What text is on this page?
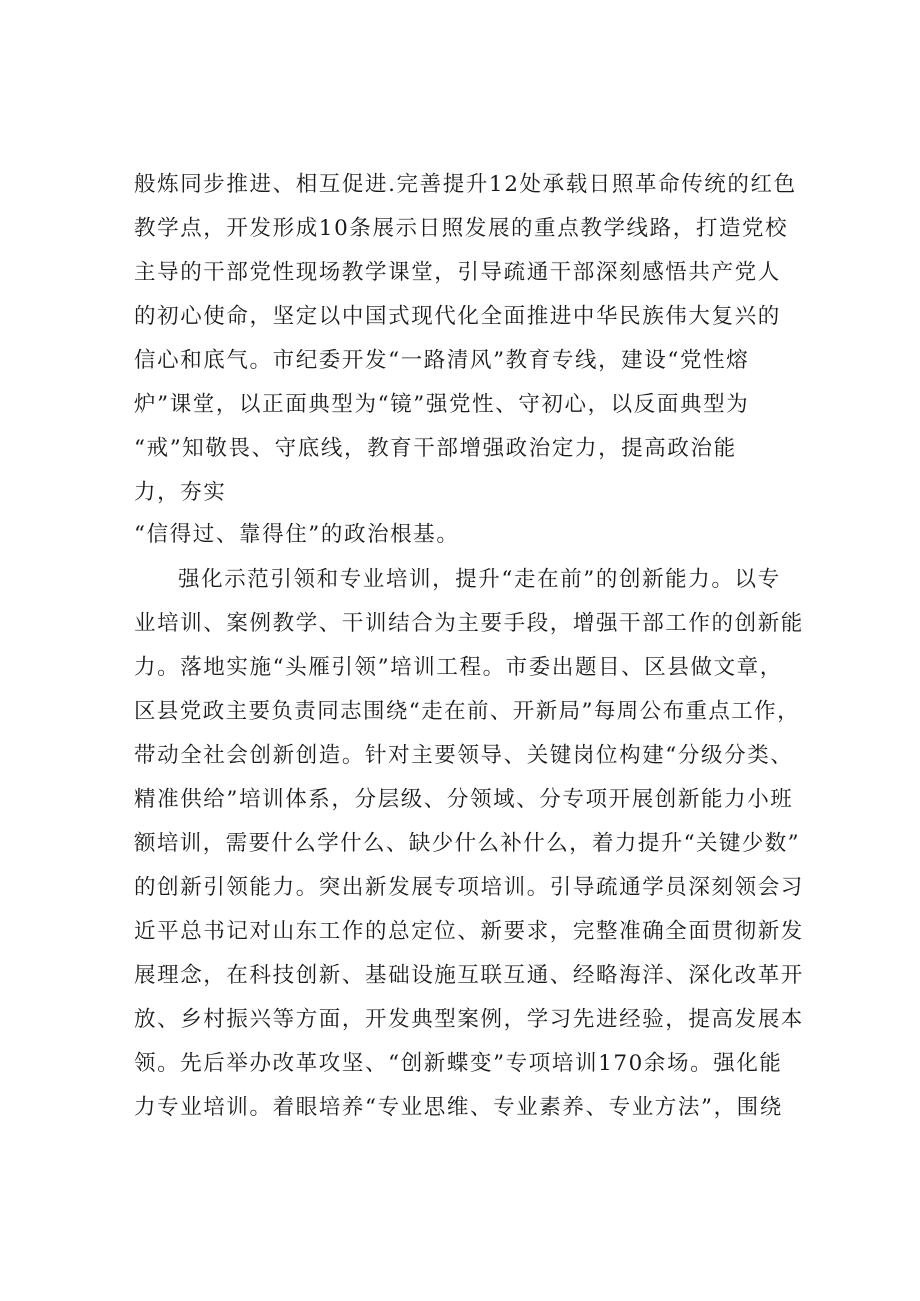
般炼同步推进、相互促进.完善提升12处承载日照革命传统的红色
教学点，开发形成10条展示日照发展的重点教学线路，打造党校
主导的干部党性现场教学课堂，引导疏通干部深刻感悟共产党人
的初心使命，坚定以中国式现代化全面推进中华民族伟大复兴的
信心和底气。市纪委开发“一路清风”教育专线，建设“党性熔
炉”课堂，以正面典型为“镜”强党性、守初心，以反面典型为
“戒”知敬畏、守底线，教育干部增强政治定力，提高政治能
力，夯实
“信得过、靠得住”的政治根基。
强化示范引领和专业培训，提升“走在前”的创新能力。以专
业培训、案例教学、干训结合为主要手段，增强干部工作的创新能
力。落地实施“头雁引领”培训工程。市委出题目、区县做文章，
区县党政主要负责同志围绕“走在前、开新局”每周公布重点工作，
带动全社会创新创造。针对主要领导、关键岗位构建“分级分类、
精准供给”培训体系，分层级、分领域、分专项开展创新能力小班
额培训，需要什么学什么、缺少什么补什么，着力提升“关键少数”
的创新引领能力。突出新发展专项培训。引导疏通学员深刻领会习
近平总书记对山东工作的总定位、新要求，完整准确全面贯彻新发
展理念，在科技创新、基础设施互联互通、经略海洋、深化改革开
放、乡村振兴等方面，开发典型案例，学习先进经验，提高发展本
领。先后举办改革攻坚、“创新蝶变”专项培训170余场。强化能
力专业培训。着眼培养“专业思维、专业素养、专业方法”，围绕
